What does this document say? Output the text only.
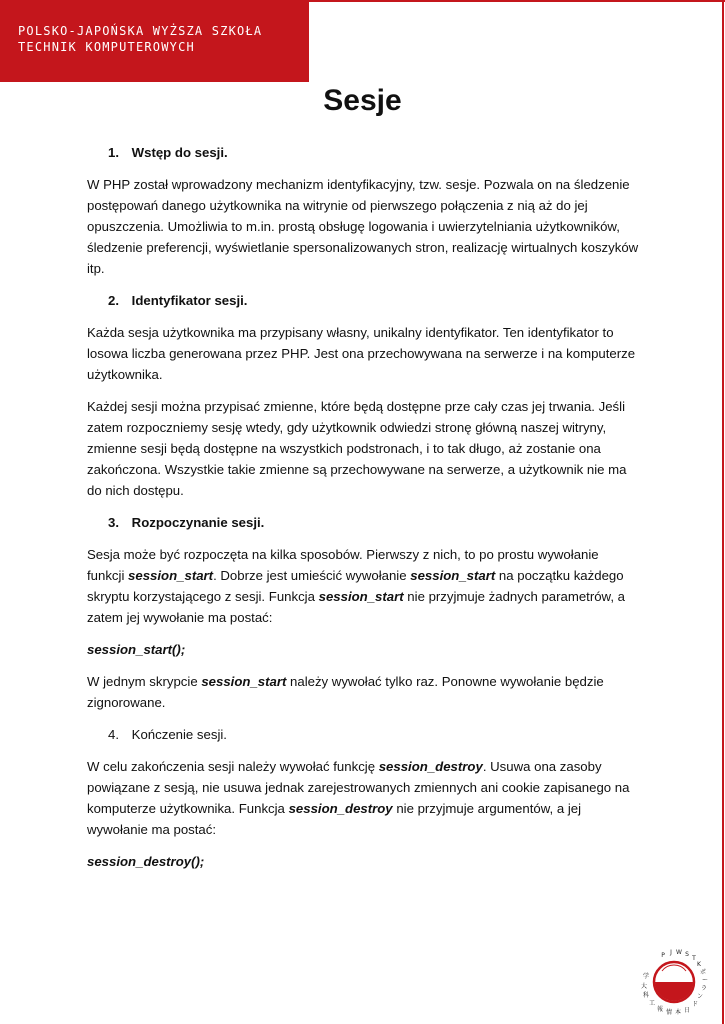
POLSKO-JAPOŃSKA WYŻSZA SZKOŁA
TECHNIK KOMPUTEROWYCH
Sesje
1. Wstęp do sesji.

W PHP został wprowadzony mechanizm identyfikacyjny, tzw. sesje. Pozwala on na śledzenie postępowań danego użytkownika na witrynie od pierwszego połączenia z nią aż do jej opuszczenia. Umożliwia to m.in. prostą obsługę logowania i uwierzytelniania użytkowników, śledzenie preferencji, wyświetlanie spersonalizowanych stron, realizację wirtualnych koszyków itp.

2. Identyfikator sesji.

Każda sesja użytkownika ma przypisany własny, unikalny identyfikator. Ten identyfikator to losowa liczba generowana przez PHP. Jest ona przechowywana na serwerze i na komputerze użytkownika.

Każdej sesji można przypisać zmienne, które będą dostępne prze cały czas jej trwania. Jeśli zatem rozpoczniemy sesję wtedy, gdy użytkownik odwiedzi stronę główną naszej witryny, zmienne sesji będą dostępne na wszystkich podstronach, i to tak długo, aż zostanie ona zakończona. Wszystkie takie zmienne są przechowywane na serwerze, a użytkownik nie ma do nich dostępu.

3. Rozpoczynanie sesji.

Sesja może być rozpoczęta na kilka sposobów. Pierwszy z nich, to po prostu wywołanie funkcji session_start. Dobrze jest umieścić wywołanie session_start na początku każdego skryptu korzystającego z sesji. Funkcja session_start nie przyjmuje żadnych parametrów, a zatem jej wywołanie ma postać:

session_start();

W jednym skrypcie session_start należy wywołać tylko raz. Ponowne wywołanie będzie zignorowane.

4. Kończenie sesji.

W celu zakończenia sesji należy wywołać funkcję session_destroy. Usuwa ona zasoby powiązane z sesją, nie usuwa jednak zarejestrowanych zmiennych ani cookie zapisanego na komputerze użytkownika. Funkcja session_destroy nie przyjmuje argumentów, a jej wywołanie ma postać:

session_destroy();

P J W S
T
K
ポ
ー
ラ
ン
ド
日
本
情
報
工
科
大
学
